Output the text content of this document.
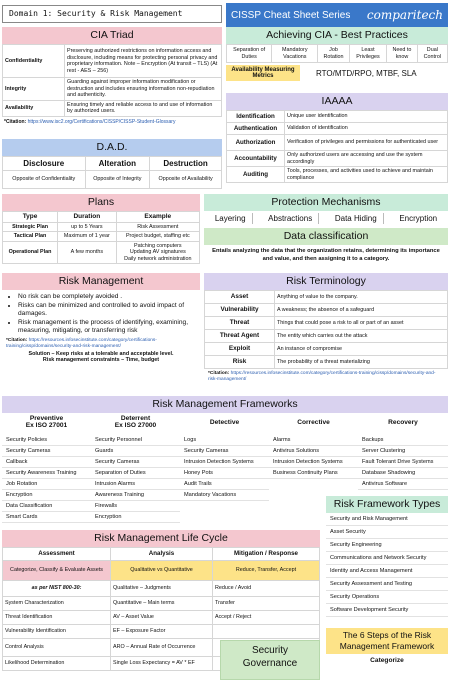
Domain 1: Security & Risk Management	CISSP Cheat Sheet Series comparitech
CIA Triad
Confidentiality	Preserving authorized restrictions on information access and disclosure, including means for protecting personal privacy and proprietary information. Note – Encryption (At transit – TLS) (At rest - AES – 256)
Integrity	Guarding against improper information modification or destruction and includes ensuring information non-repudiation and authenticity.
Availability	Ensuring timely and reliable access to and use of information by authorized users.
*Citation: https://www.isc2.org/Certifications/CISSP/CISSP-Student-Glossary
D.A.D.
Disclosure	Alteration	Destruction
Opposite of Confidentiality	Opposite of Integrity	Opposite of Availability
Achieving CIA - Best Practices
Separation of Duties	Mandatory Vacations	Job Rotation	Least Privileges	Need to know	Dual Control
Availability Measuring Metrics	RTO/MTD/RPO, MTBF, SLA
IAAAA
Identification	Unique user identification
Authentication	Validation of identification
Authorization	Verification of privileges and permissions for authenticated user
Accountability	Only authorized users are accessing and use the system accordingly
Auditing	Tools, processes, and activities used to achieve and maintain compliance
Plans
Type	Duration	Example
Strategic Plan	up to 5 Years	Risk Assessment
Tactical Plan	Maximum of 1 year	Project budget, staffing etc
Operational Plan	A few months	Patching computers
Updating AV signatures
Daily network administration
Protection Mechanisms
Layering	Abstractions	Data Hiding	Encryption
Data classification
Entails analyzing the data that the organization retains, determining its importance and value, and then assigning it to a category.
Risk Management
• No risk can be completely avoided .
• Risks can be minimized and controlled to avoid impact of damages.
• Risk management is the process of identifying, examining, measuring, mitigating, or transferring risk
*Citation: https://resources.infosecinstitute.com/category/certifications-training/cissp/domains/security-and-risk-management/
Solution – Keep risks at a tolerable and acceptable level.
Risk management constraints – Time, budget
Risk Terminology
Asset	Anything of value to the company.
Vulnerability	A weakness; the absence of a safeguard
Threat	Things that could pose a risk to all or part of an asset
Threat Agent	The entity which carries out the attack
Exploit	An instance of compromise
Risk	The probability of a threat materializing
*Citation: https://resources.infosecinstitute.com/category/certifications-training/cissp/domains/security-and-risk-management/
Risk Management Frameworks
Preventive
Ex ISO 27001
Security Policies
Security Cameras
Callback
Security Awareness Training
Job Rotation
Encryption
Data Classification
Smart Cards
Deterrent
Ex ISO 27000
Security Personnel
Guards
Security Cameras
Separation of Duties
Intrusion Alarms
Awareness Training
Firewalls
Encryption
Detective
Logs
Security Cameras
Intrusion Detection Systems
Honey Pots
Audit Trails
Mandatory Vacations
Corrective
Alarms
Antivirus Solutions
Intrusion Detection Systems
Business Continuity Plans
Recovery
Backups
Server Clustering
Fault Tolerant Drive Systems
Database Shadowing
Antivirus Software
Risk Framework Types
Security and Risk Management
Asset Security
Security Engineering
Communications and Network Security
Identity and Access Management
Security Assessment and Testing
Security Operations
Software Development Security
The 6 Steps of the Risk Management Framework
Categorize
Risk Management Life Cycle
Assessment	Analysis	Mitigation / Response
Categorize, Classify & Evaluate Assets	Qualitative vs Quantitative	Reduce, Transfer, Accept
as per NIST 800-30:	Qualitative – Judgments	Reduce / Avoid
System Characterization	Quantitative – Main terms	Transfer
Threat Identification	AV – Asset Value	Accept / Reject
Vulnerability Identification	EF – Exposure Factor	
Control Analysis	ARO – Annual Rate of Occurrence	
Likelihood Determination	Single Loss Expectancy = AV * EF	
Security Governance
